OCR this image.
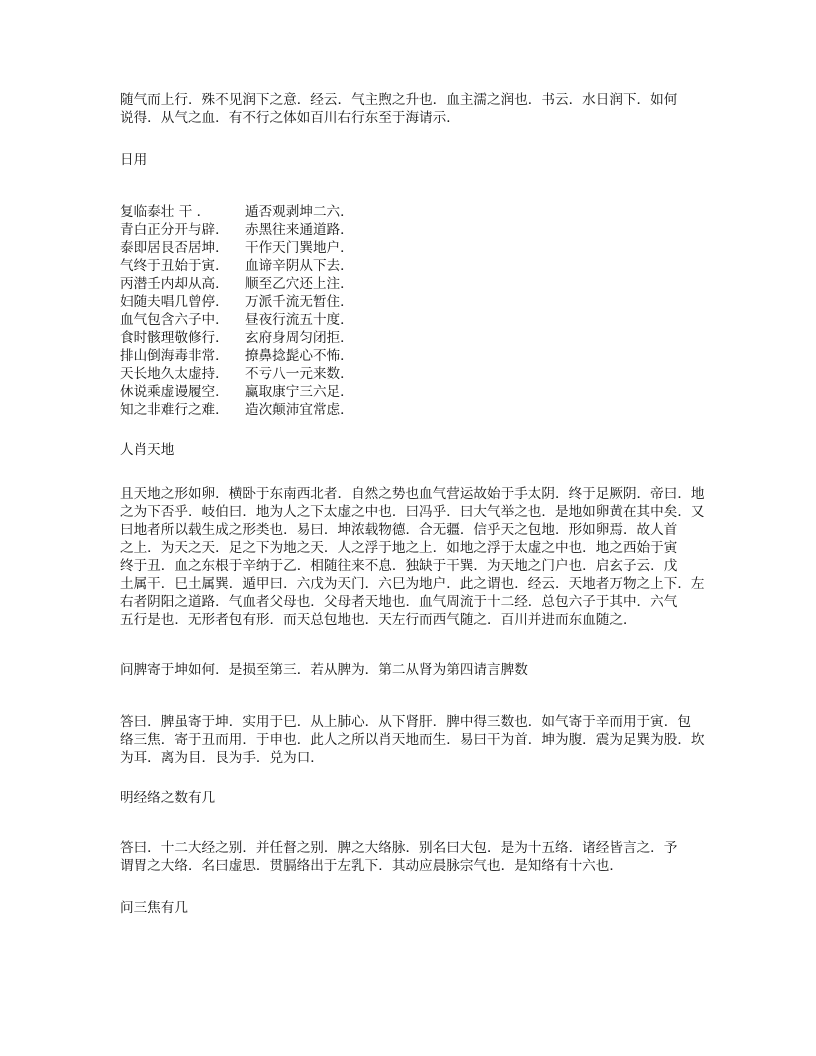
随气而上行．殊不见润下之意．经云．气主煦之升也．血主濡之润也．书云．水日润下．如何
说得．从气之血．有不行之体如百川右行东至于海请示．
日用
复临泰壮 干 ．	遁否观剥坤二六．
青白正分开与辟． 赤黑往来通道路．
泰即居艮否居坤． 干作天门巽地户．
气终于丑始于寅． 血谛辛阴从下去．
丙潜壬内却从高． 顺至乙穴还上注．
妇随夫唱几曾停． 万派千流无暂住．
血气包含六子中． 昼夜行流五十度．
食时骸理敬修行． 玄府身周匀闭拒．
排山倒海毒非常． 撩鼻捻髭心不怖．
天长地久太虚持． 不亏八一元来数．
休说乘虚谩履空． 赢取康宁三六足．
知之非难行之难． 造次颠沛宜常虑．
人肖天地
且天地之形如卵．横卧于东南西北者．自然之势也血气营运故始于手太阴．终于足厥阴．帝曰．地
之为下否乎．岐伯曰．地为人之下太虚之中也．曰冯乎．曰大气举之也．是地如卵黄在其中矣．又
曰地者所以载生成之形类也．易曰．坤浓载物德．合无疆．信乎天之包地．形如卵焉．故人首
之上．为天之天．足之下为地之天．人之浮于地之上．如地之浮于太虚之中也．地之西始于寅
终于丑．血之东根于辛纳于乙．相随往来不息．独缺于干巽．为天地之门户也．启玄子云．戊
土属干．巳土属巽．遁甲曰．六戊为天门．六巳为地户．此之谓也．经云．天地者万物之上下．左
右者阴阳之道路．气血者父母也．父母者天地也．血气周流于十二经．总包六子于其中．六气
五行是也．无形者包有形．而天总包地也．天左行而西气随之．百川并进而东血随之．
问脾寄于坤如何．是损至第三．若从脾为．第二从肾为第四请言脾数
答曰．脾虽寄于坤．实用于巳．从上肺心．从下肾肝．脾中得三数也．如气寄于辛而用于寅．包
络三焦．寄于丑而用．于申也．此人之所以肖天地而生．易曰干为首．坤为腹．震为足巽为股．坎
为耳．离为目．艮为手．兑为口．
明经络之数有几
答曰．十二大经之别．并任督之别．脾之大络脉．别名曰大包．是为十五络．诸经皆言之．予
谓胃之大络．名曰虚思．贯膈络出于左乳下．其动应晨脉宗气也．是知络有十六也．
问三焦有几
